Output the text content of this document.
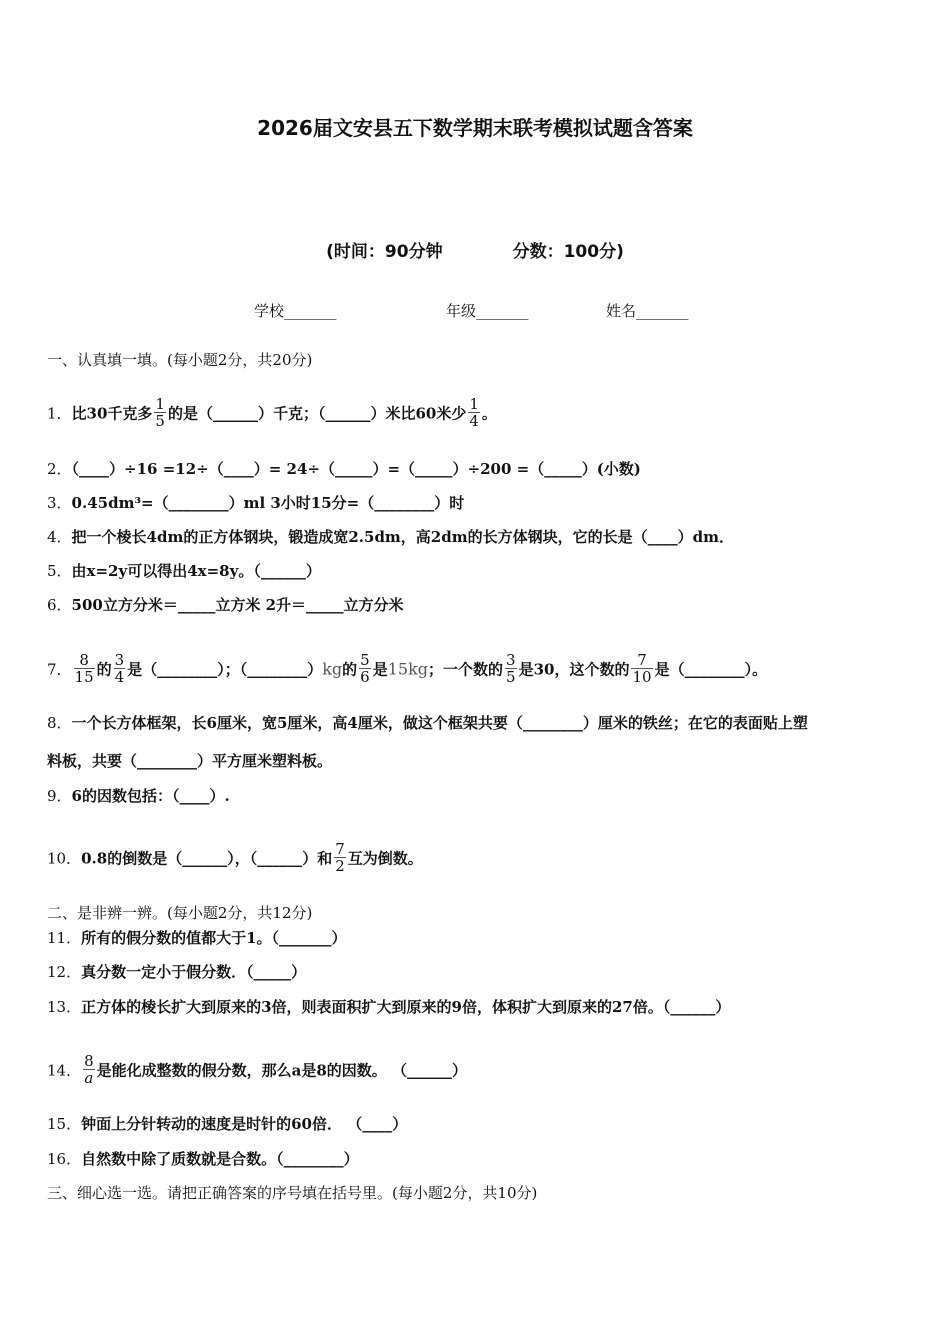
2026届文安县五下数学期末联考模拟试题含答案
(时间：90分钟	分数：100分)
学校_______	年级_______	姓名_______
一、认真填一填。(每小题2分，共20分)
1．比30千克多 $\frac{1}{5}$ 的是（______）千克；（______）米比60米少 $\frac{1}{4}$ 。
2．（____）÷16 =12÷（____）= 24÷（_____）=（_____）÷200 =（_____）(小数)
3．0.45dm³=（________）ml 3小时15分=（________）时
4．把一个棱长4dm的正方体钢块，锻造成宽2.5dm，高2dm的长方体钢块，它的长是（____）dm．
5．由x=2y可以得出4x=8y。（______）
6．500立方分米＝_____立方米 2升＝_____立方分米
7． $\frac{8}{15}$ 的 $\frac{3}{4}$ 是（________）；（________）kg的 $\frac{5}{6}$ 是15kg；一个数的 $\frac{3}{5}$ 是30，这个数的 $\frac{7}{10}$ 是（________）。
8．一个长方体框架，长6厘米，宽5厘米，高4厘米，做这个框架共要（________）厘米的铁丝；在它的表面贴上塑
料板，共要（________）平方厘米塑料板。
9．6的因数包括：（____）.
10．0.8的倒数是（______），（______）和 $\frac{7}{2}$ 互为倒数。
二、是非辨一辨。(每小题2分，共12分)
11．所有的假分数的值都大于1。（_______）
12．真分数一定小于假分数．（_____）
13．正方体的棱长扩大到原来的3倍，则表面积扩大到原来的9倍，体积扩大到原来的27倍。（______）
14． $\frac{8}{a}$ 是能化成整数的假分数，那么a是8的因数。 （______）
15．钟面上分针转动的速度是时针的60倍． （____）
16．自然数中除了质数就是合数。（________）
三、细心选一选。请把正确答案的序号填在括号里。(每小题2分，共10分)
